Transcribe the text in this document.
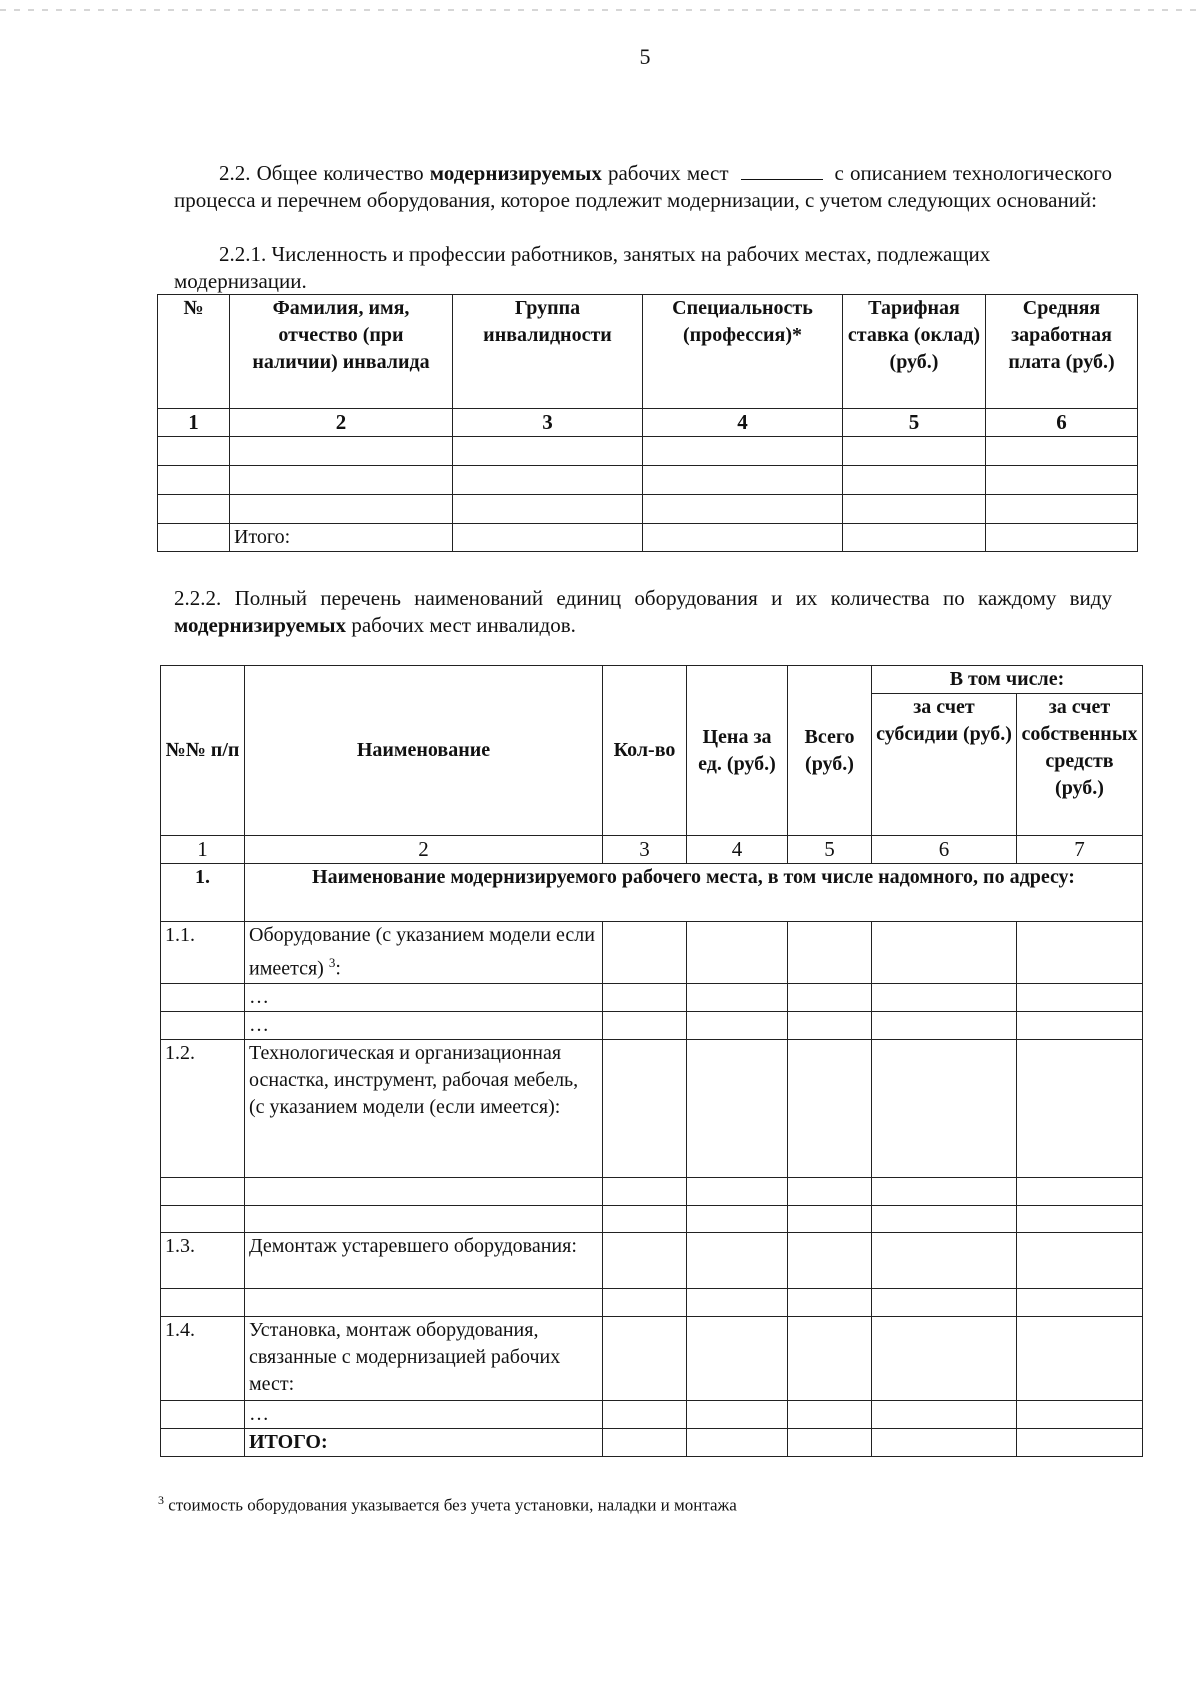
5
2.2. Общее количество модернизируемых рабочих мест	с описанием технологического процесса и перечнем оборудования, которое подлежит модернизации, с учетом следующих оснований:
2.2.1. Численность и профессии работников, занятых на рабочих местах, подлежащих модернизации.
№	Фамилия, имя, отчество (при наличии) инвалида	Группа инвалидности	Специальность (профессия)*	Тарифная ставка (оклад) (руб.)	Средняя заработная плата (руб.)
1	2	3	4	5	6

	Итого:				
2.2.2. Полный перечень наименований единиц оборудования и их количества по каждому виду модернизируемых рабочих мест инвалидов.
№№ п/п	Наименование	Кол-во	Цена за ед. (руб.)	Всего (руб.)	В том числе:	
					за счет субсидии (руб.)	за счет собственных средств (руб.)
1	2	3	4	5	6	7
1.	Наименование модернизируемого рабочего места, в том числе надомного, по адресу:					
1.1.	Оборудование (с указанием модели если имеется) $^3$:					
	…					
	…					
1.2.	Технологическая и организационная оснастка, инструмент, рабочая мебель, (с указанием модели (если имеется):					

1.3.	Демонтаж устаревшего оборудования:					

1.4.	Установка, монтаж оборудования, связанные с модернизацией рабочих мест:					
	…					
	ИТОГО:					
$^3$ стоимость оборудования указывается без учета установки, наладки и монтажа
